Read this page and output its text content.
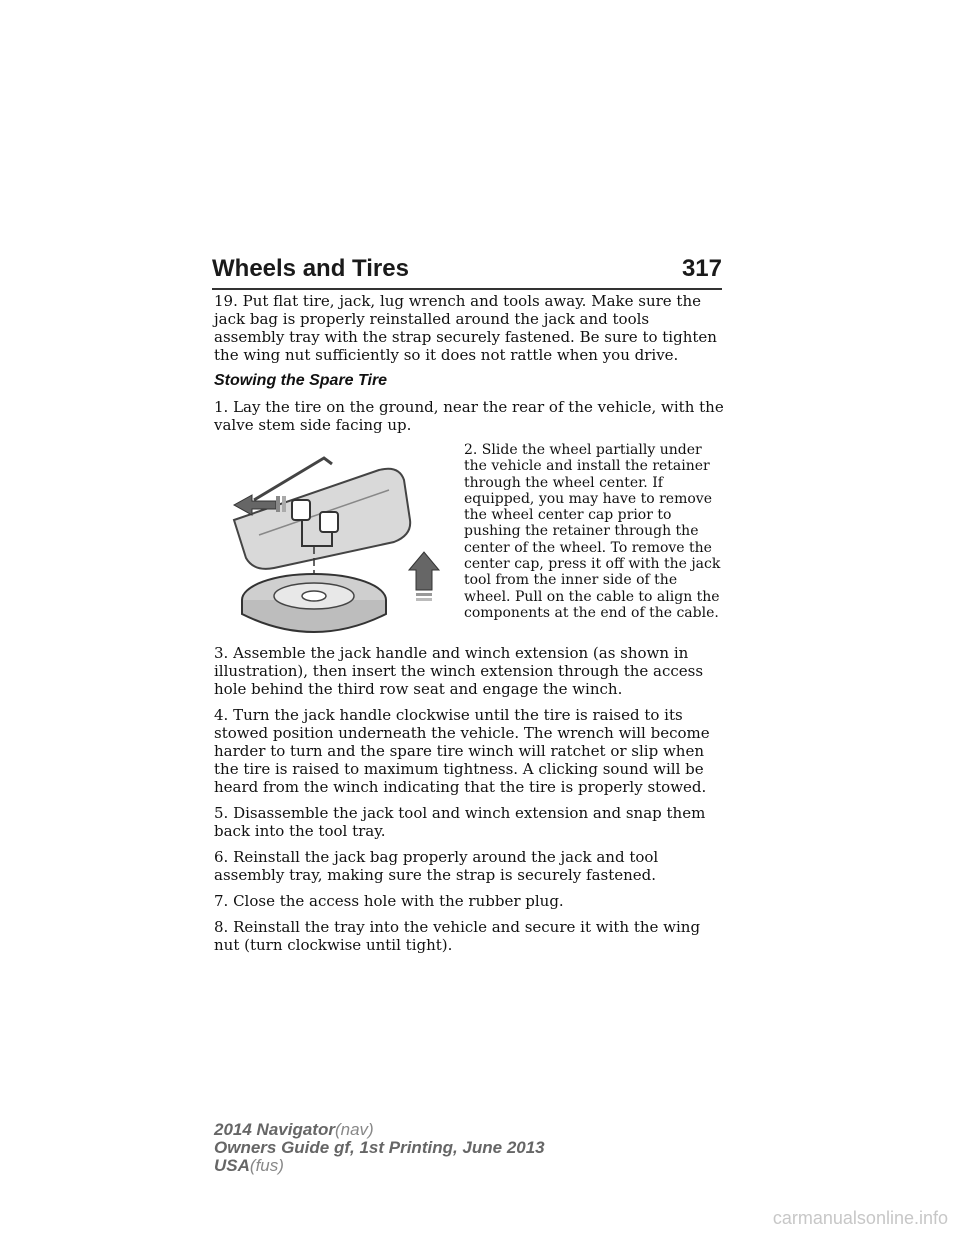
Wheels and Tires	317

19. Put flat tire, jack, lug wrench and tools away. Make sure the jack bag is properly reinstalled around the jack and tools assembly tray with the strap securely fastened. Be sure to tighten the wing nut sufficiently so it does not rattle when you drive.

Stowing the Spare Tire

1. Lay the tire on the ground, near the rear of the vehicle, with the valve stem side facing up.

2. Slide the wheel partially under the vehicle and install the retainer through the wheel center. If equipped, you may have to remove the wheel center cap prior to pushing the retainer through the center of the wheel. To remove the center cap, press it off with the jack tool from the inner side of the wheel. Pull on the cable to align the components at the end of the cable.

3. Assemble the jack handle and winch extension (as shown in illustration), then insert the winch extension through the access hole behind the third row seat and engage the winch.

4. Turn the jack handle clockwise until the tire is raised to its stowed position underneath the vehicle. The wrench will become harder to turn and the spare tire winch will ratchet or slip when the tire is raised to maximum tightness. A clicking sound will be heard from the winch indicating that the tire is properly stowed.

5. Disassemble the jack tool and winch extension and snap them back into the tool tray.

6. Reinstall the jack bag properly around the jack and tool assembly tray, making sure the strap is securely fastened.

7. Close the access hole with the rubber plug.

8. Reinstall the tray into the vehicle and secure it with the wing nut (turn clockwise until tight).

2014 Navigator(nav)
Owners Guide gf, 1st Printing, June 2013
USA(fus)
carmanualsonline.info
